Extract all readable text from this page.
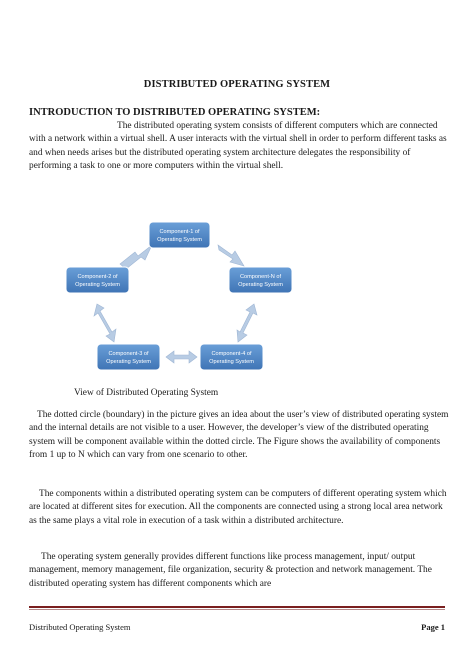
DISTRIBUTED OPERATING SYSTEM
INTRODUCTION TO DISTRIBUTED OPERATING SYSTEM:
The distributed operating system consists of different computers which are connected with a network within a virtual shell. A user interacts with the virtual shell in order to perform different tasks as and when needs arises but the distributed operating system architecture delegates the responsibility of performing a task to one or more computers within the virtual shell.
Component-1 of
Operating System
Component-2 of
Operating System
Component-N of
Operating System
Component-3 of
Operating System
Component-4 of
Operating System
View of Distributed Operating System
The dotted circle (boundary) in the picture gives an idea about the user’s view of distributed operating system and the internal details are not visible to a user. However, the developer’s view of the distributed operating system will be component available within the dotted circle. The Figure shows the availability of components from 1 up to N which can vary from one scenario to other.
The components within a distributed operating system can be computers of different operating system which are located at different sites for execution. All the components are connected using a strong local area network as the same plays a vital role in execution of a task within a distributed architecture.
The operating system generally provides different functions like process management, input/ output management, memory management, file organization, security & protection and network management. The distributed operating system has different components which are
Distributed Operating System	Page 1
